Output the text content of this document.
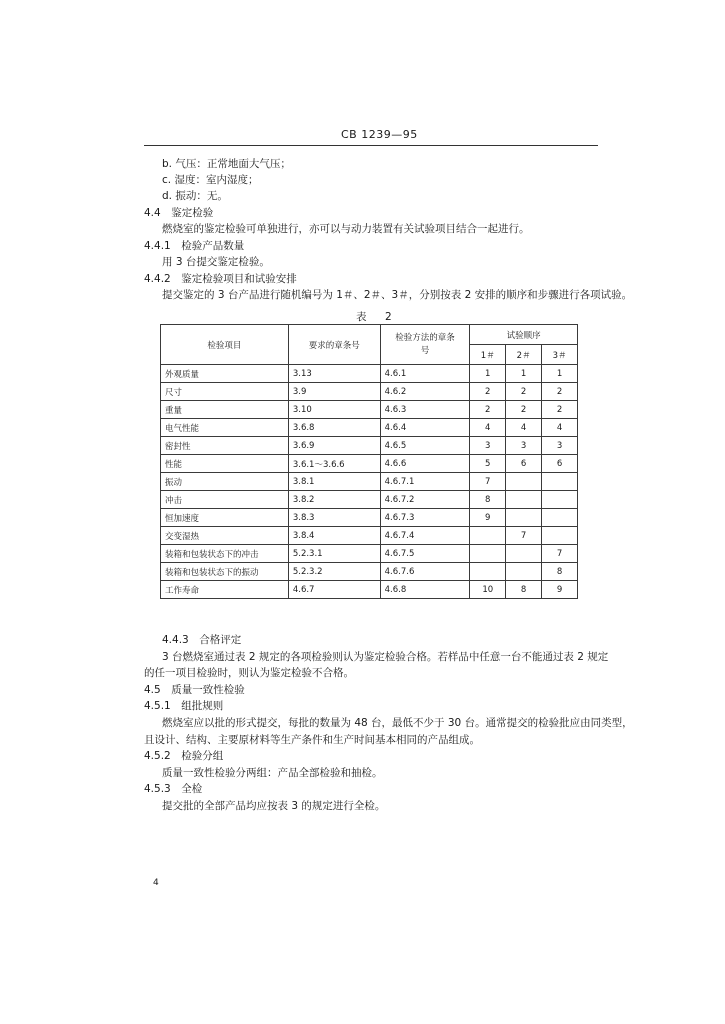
CB 1239—95
b. 气压：正常地面大气压；
c. 湿度：室内湿度；
d. 振动：无。
4.4　鉴定检验
燃烧室的鉴定检验可单独进行，亦可以与动力装置有关试验项目结合一起进行。
4.4.1　检验产品数量
用 3 台提交鉴定检验。
4.4.2　鉴定检验项目和试验安排
提交鉴定的 3 台产品进行随机编号为 1＃、2＃、3＃，分别按表 2 安排的顺序和步骤进行各项试验。
表　2
检验项目	要求的章条号	检验方法的章条号	试验顺序		
			1＃	2＃	3＃
外观质量	3.13	4.6.1	1	1	1
尺寸	3.9	4.6.2	2	2	2
重量	3.10	4.6.3	2	2	2
电气性能	3.6.8	4.6.4	4	4	4
密封性	3.6.9	4.6.5	3	3	3
性能	3.6.1～3.6.6	4.6.6	5	6	6
振动	3.8.1	4.6.7.1	7		
冲击	3.8.2	4.6.7.2	8		
恒加速度	3.8.3	4.6.7.3	9		
交变湿热	3.8.4	4.6.7.4		7	
装箱和包装状态下的冲击	5.2.3.1	4.6.7.5			7
装箱和包装状态下的振动	5.2.3.2	4.6.7.6			8
工作寿命	4.6.7	4.6.8	10	8	9
4.4.3　合格评定
3 台燃烧室通过表 2 规定的各项检验则认为鉴定检验合格。若样品中任意一台不能通过表 2 规定
的任一项目检验时，则认为鉴定检验不合格。
4.5　质量一致性检验
4.5.1　组批规则
燃烧室应以批的形式提交，每批的数量为 48 台，最低不少于 30 台。通常提交的检验批应由同类型，
且设计、结构、主要原材料等生产条件和生产时间基本相同的产品组成。
4.5.2　检验分组
质量一致性检验分两组：产品全部检验和抽检。
4.5.3　全检
提交批的全部产品均应按表 3 的规定进行全检。
4
